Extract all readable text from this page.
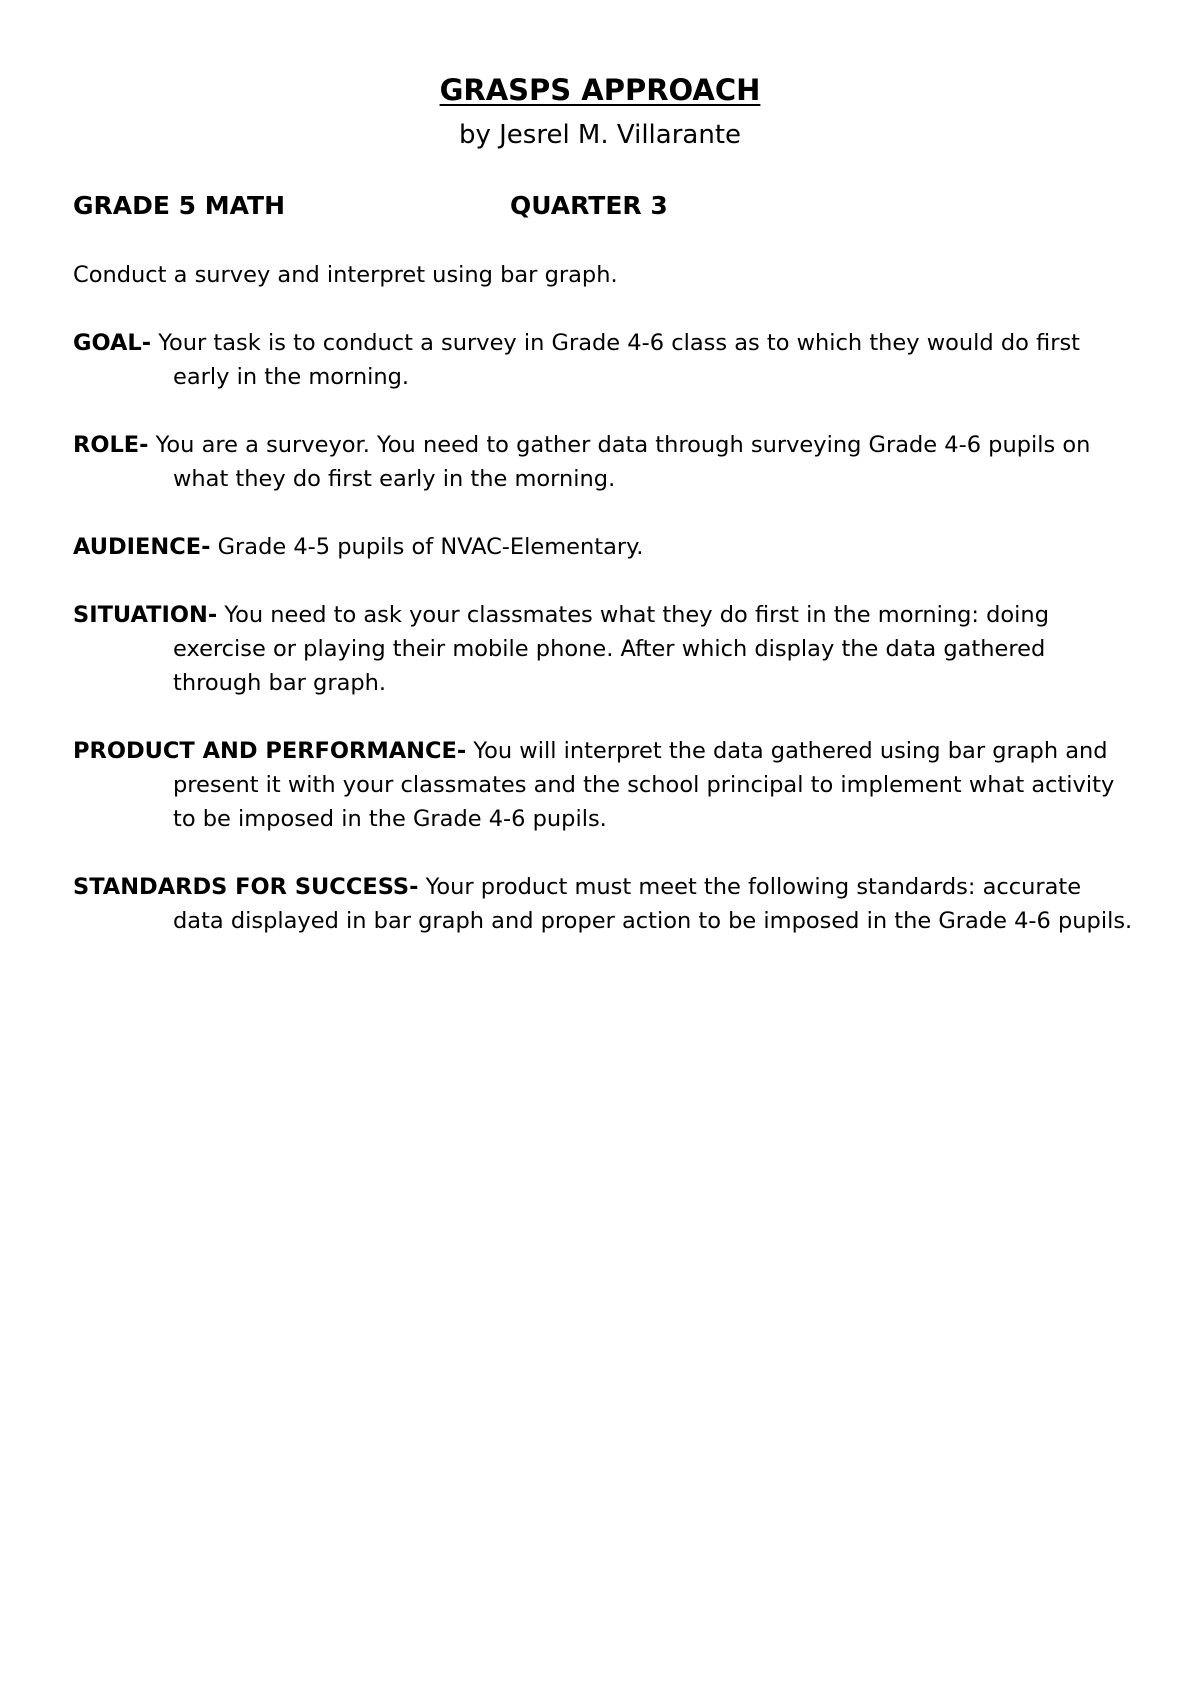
GRASPS APPROACH
by Jesrel M. Villarante
GRADE 5 MATH	QUARTER 3
Conduct a survey and interpret using bar graph.
GOAL- Your task is to conduct a survey in Grade 4-6 class as to which they would do first early in the morning.
ROLE- You are a surveyor. You need to gather data through surveying Grade 4-6 pupils on what they do first early in the morning.
AUDIENCE- Grade 4-5 pupils of NVAC-Elementary.
SITUATION- You need to ask your classmates what they do first in the morning: doing exercise or playing their mobile phone. After which display the data gathered through bar graph.
PRODUCT AND PERFORMANCE- You will interpret the data gathered using bar graph and present it with your classmates and the school principal to implement what activity to be imposed in the Grade 4-6 pupils.
STANDARDS FOR SUCCESS- Your product must meet the following standards: accurate data displayed in bar graph and proper action to be imposed in the Grade 4-6 pupils.
